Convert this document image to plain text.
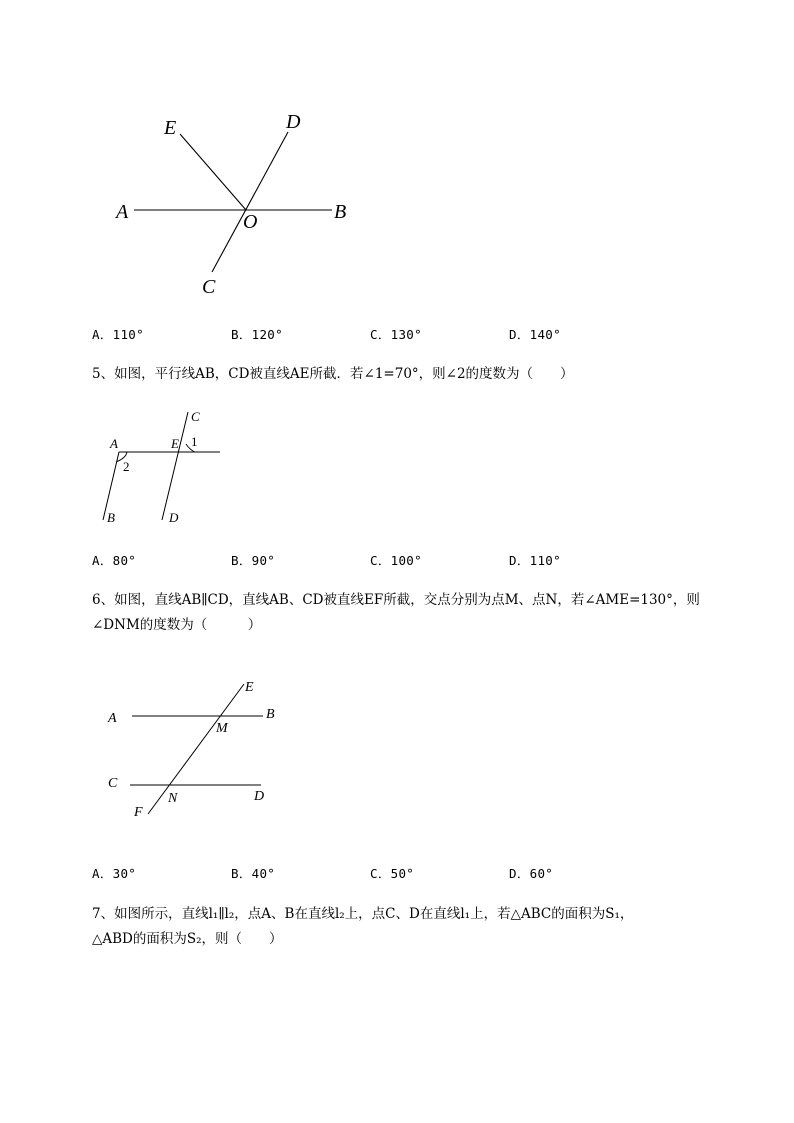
E	D
A	B
O
C
A．110°	B．120°	C．130°	D．140°
5、如图，平行线AB，CD被直线AE所截．若∠1=70°，则∠2的度数为（　　）
C
A	E 1
2
B	D
A．80°	B．90°	C．100°	D．110°
6、如图，直线AB∥CD，直线AB、CD被直线EF所截，交点分别为点M、点N，若∠AME=130°，则
∠DNM的度数为（　　　）
E
A	B
M
C
N	D
F
A．30°	B．40°	C．50°	D．60°
7、如图所示，直线l₁∥l₂，点A、B在直线l₂上，点C、D在直线l₁上，若△ABC的面积为S₁，
△ABD的面积为S₂，则（　　）
